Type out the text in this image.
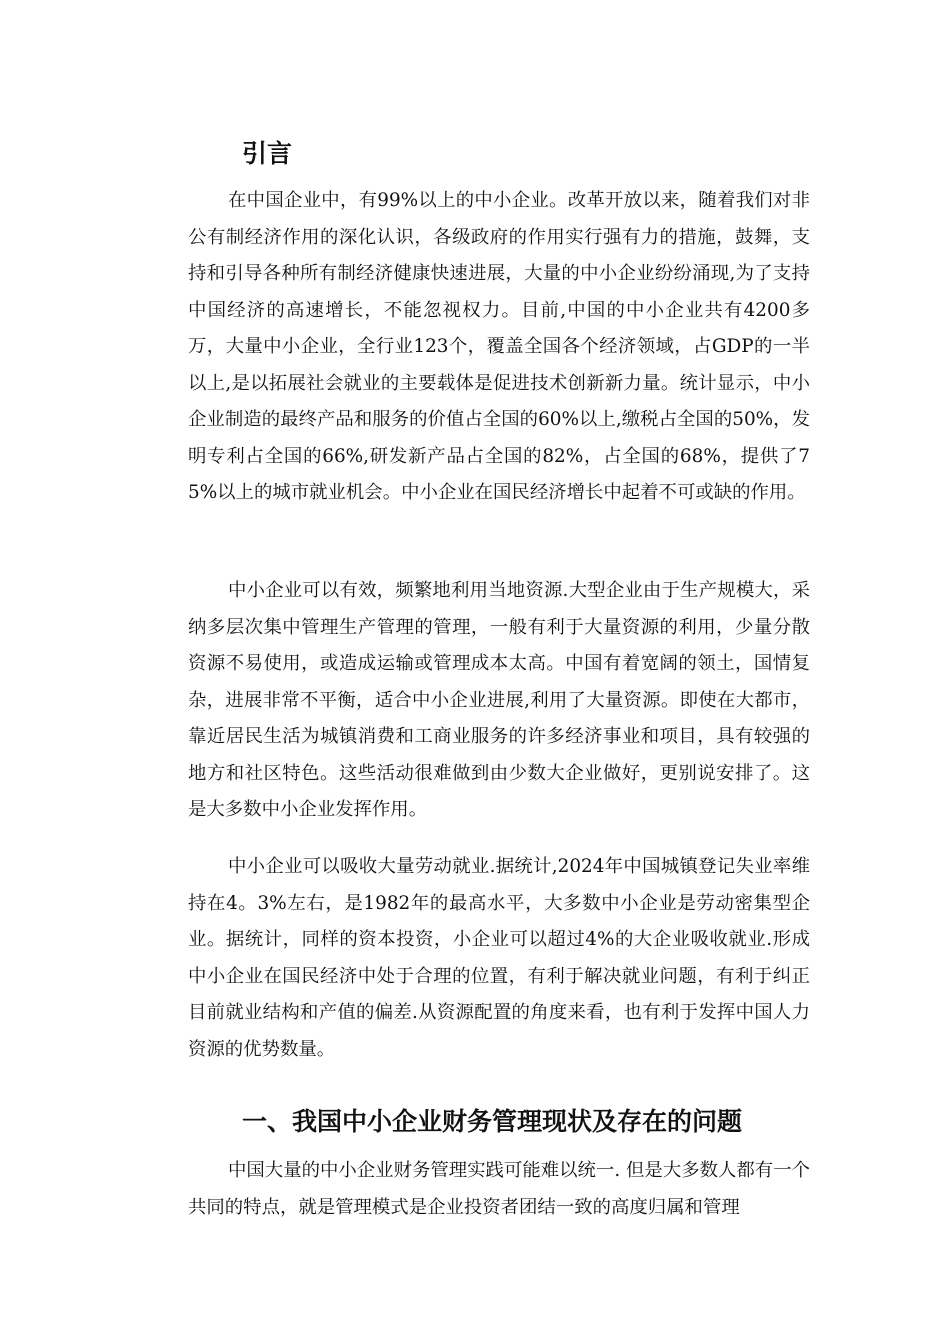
引言

在中国企业中，有99%以上的中小企业。改革开放以来，随着我们对非公有制经济作用的深化认识，各级政府的作用实行强有力的措施，鼓舞，支持和引导各种所有制经济健康快速进展，大量的中小企业纷纷涌现,为了支持中国经济的高速增长，不能忽视权力。目前,中国的中小企业共有4200多万，大量中小企业，全行业123个，覆盖全国各个经济领域，占GDP的一半以上,是以拓展社会就业的主要载体是促进技术创新新力量。统计显示，中小企业制造的最终产品和服务的价值占全国的60%以上,缴税占全国的50%，发明专利占全国的66%,研发新产品占全国的82%，占全国的68%，提供了75%以上的城市就业机会。中小企业在国民经济增长中起着不可或缺的作用。

中小企业可以有效，频繁地利用当地资源.大型企业由于生产规模大，采纳多层次集中管理生产管理的管理，一般有利于大量资源的利用，少量分散资源不易使用，或造成运输或管理成本太高。中国有着宽阔的领土，国情复杂，进展非常不平衡，适合中小企业进展,利用了大量资源。即使在大都市，靠近居民生活为城镇消费和工商业服务的许多经济事业和项目，具有较强的地方和社区特色。这些活动很难做到由少数大企业做好，更别说安排了。这是大多数中小企业发挥作用。

中小企业可以吸收大量劳动就业.据统计,2024年中国城镇登记失业率维持在4。3%左右，是1982年的最高水平，大多数中小企业是劳动密集型企业。据统计，同样的资本投资，小企业可以超过4%的大企业吸收就业.形成中小企业在国民经济中处于合理的位置，有利于解决就业问题，有利于纠正目前就业结构和产值的偏差.从资源配置的角度来看，也有利于发挥中国人力资源的优势数量。

一、我国中小企业财务管理现状及存在的问题

中国大量的中小企业财务管理实践可能难以统一. 但是大多数人都有一个共同的特点，就是管理模式是企业投资者团结一致的高度归属和管理
